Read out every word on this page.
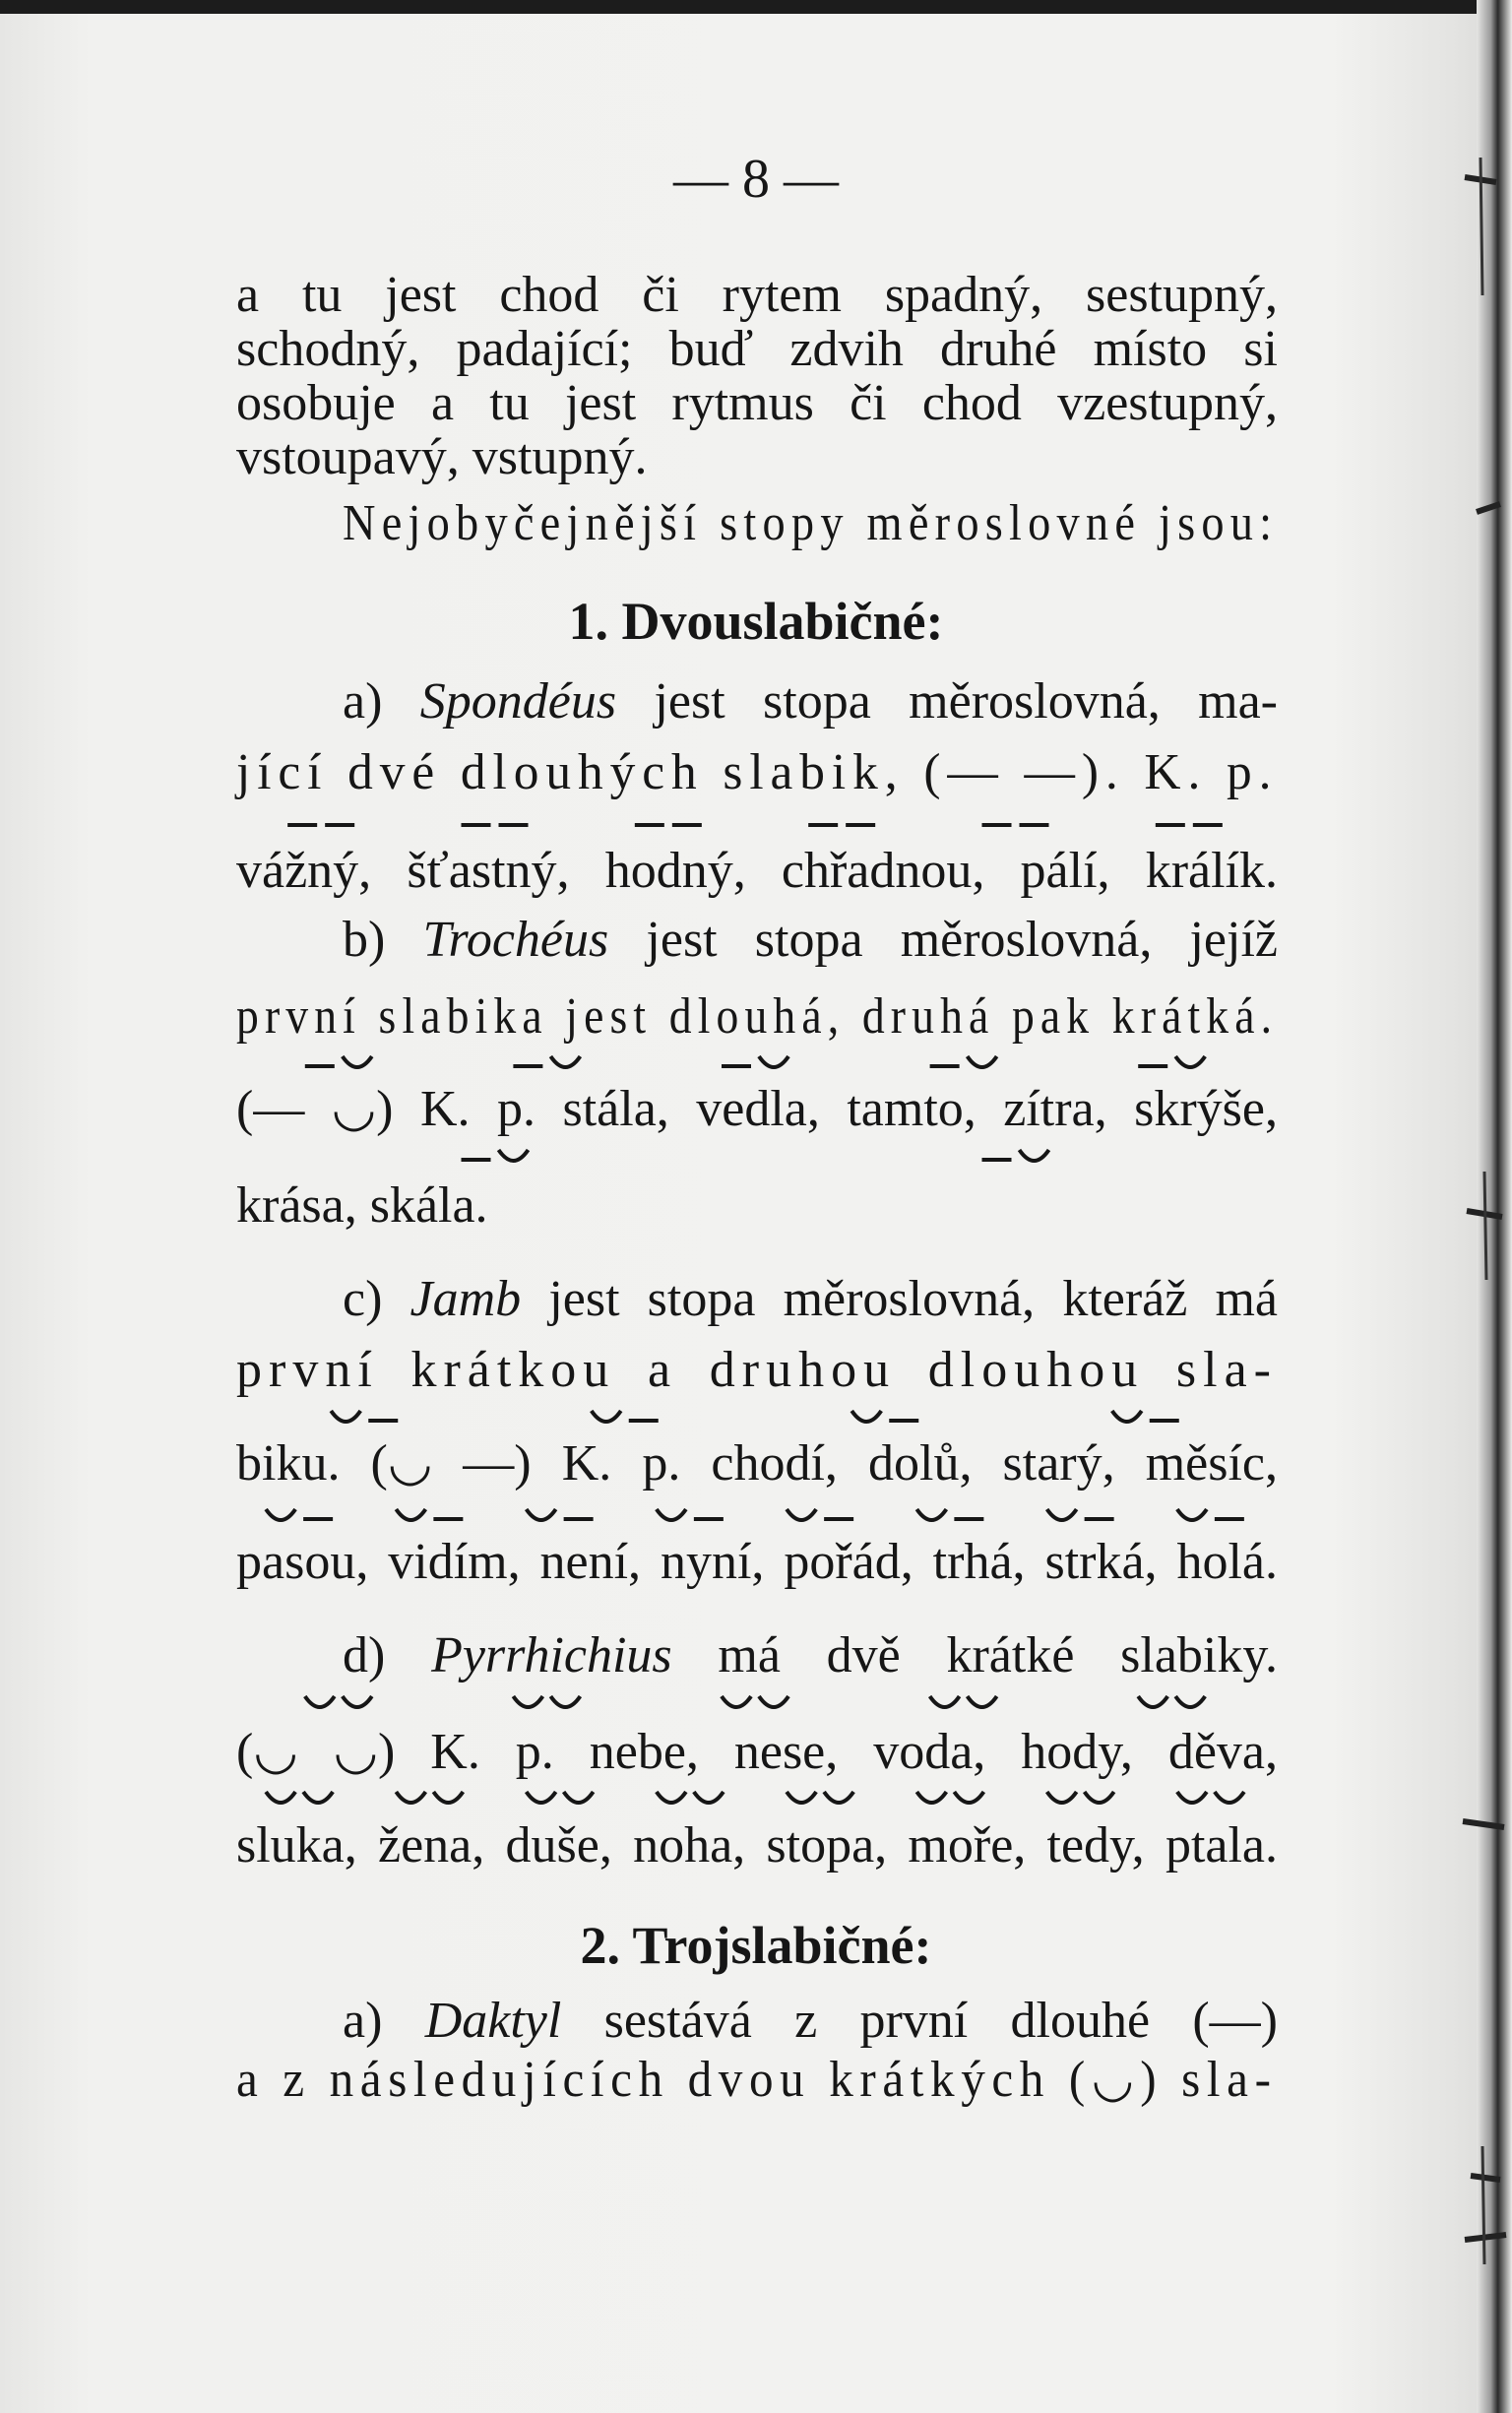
— 8 —
a tu jest chod či rytem spadný, sestupný,
schodný, padající; buď zdvih druhé místo si
osobuje a tu jest rytmus či chod vzestupný,
vstoupavý, vstupný.
Nejobyčejnější stopy měroslovné jsou:
1. Dvouslabičné:
a) Spondéus jest stopa měroslovná, ma-
jící dvé dlouhých slabik, (— —). K. p.
vážný, šťastný, hodný, chřadnou, pálí, králík.
b) Trochéus jest stopa měroslovná, jejíž
první slabika jest dlouhá, druhá pak krátká.
(— ◡) K. p. stála, vedla, tamto, zítra, skrýše,
krása, skála.
c) Jamb jest stopa měroslovná, kteráž má
první krátkou a druhou dlouhou sla-
biku. (◡ —) K. p. chodí, dolů, starý, měsíc,
pasou, vidím, není, nyní, pořád, trhá, strká, holá.
d) Pyrrhichius má dvě krátké slabiky.
(◡ ◡) K. p. nebe, nese, voda, hody, děva,
sluka, žena, duše, noha, stopa, moře, tedy, ptala.
2. Trojslabičné:
a) Daktyl sestává z první dlouhé (—)
a z následujících dvou krátkých (◡) sla-
